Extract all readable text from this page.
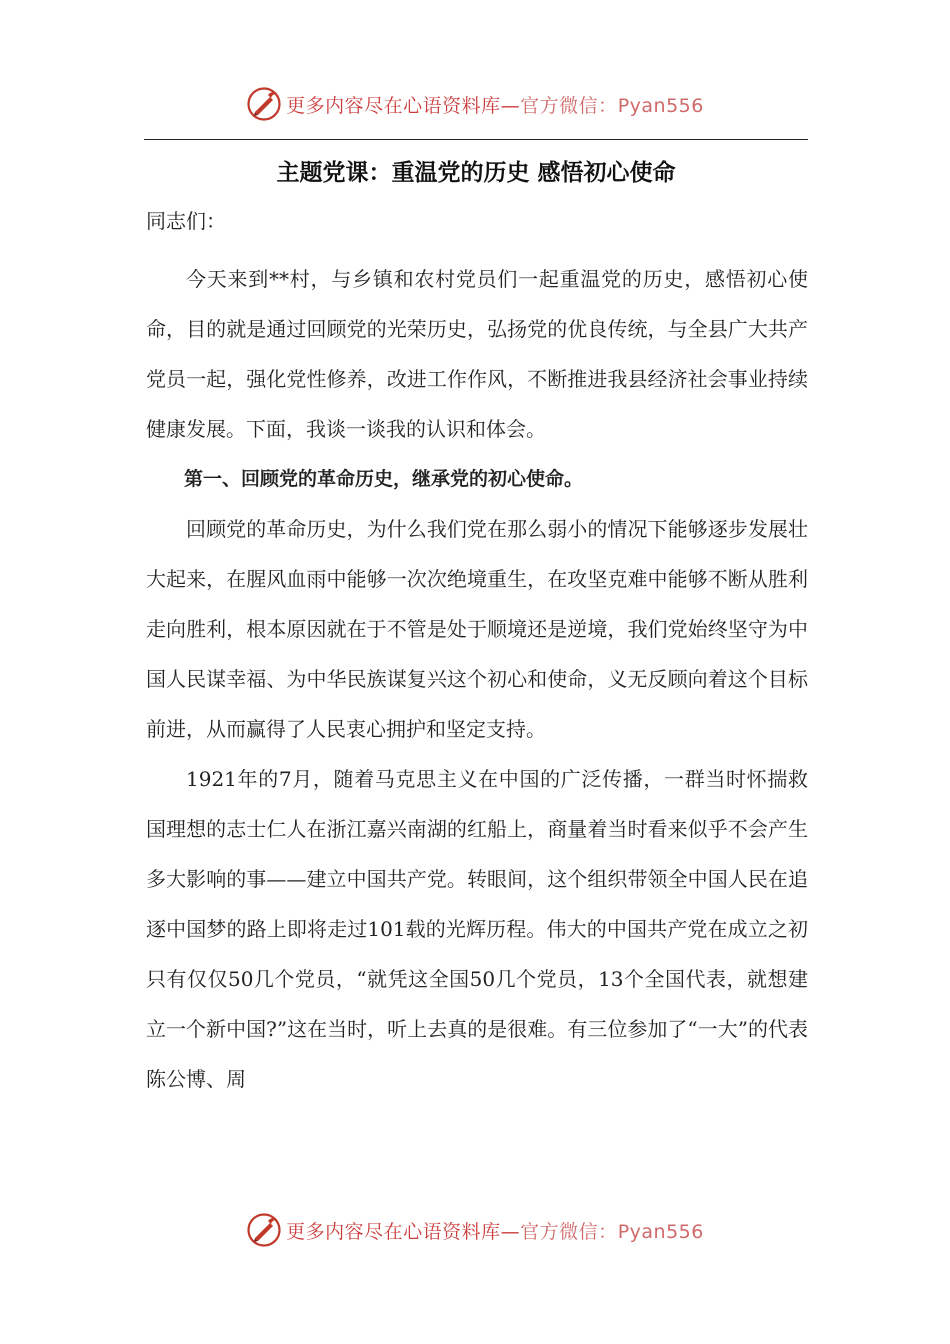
更多内容尽在心语资料库—官方微信：Pyan556
主题党课：重温党的历史 感悟初心使命
同志们：

今天来到**村，与乡镇和农村党员们一起重温党的历史，感悟初心使命，目的就是通过回顾党的光荣历史，弘扬党的优良传统，与全县广大共产党员一起，强化党性修养，改进工作作风，不断推进我县经济社会事业持续健康发展。下面，我谈一谈我的认识和体会。

第一、回顾党的革命历史，继承党的初心使命。

回顾党的革命历史，为什么我们党在那么弱小的情况下能够逐步发展壮大起来，在腥风血雨中能够一次次绝境重生，在攻坚克难中能够不断从胜利走向胜利，根本原因就在于不管是处于顺境还是逆境，我们党始终坚守为中国人民谋幸福、为中华民族谋复兴这个初心和使命，义无反顾向着这个目标前进，从而赢得了人民衷心拥护和坚定支持。

1921年的7月，随着马克思主义在中国的广泛传播，一群当时怀揣救国理想的志士仁人在浙江嘉兴南湖的红船上，商量着当时看来似乎不会产生多大影响的事——建立中国共产党。转眼间，这个组织带领全中国人民在追逐中国梦的路上即将走过101载的光辉历程。伟大的中国共产党在成立之初只有仅仅50几个党员，“就凭这全国50几个党员，13个全国代表，就想建立一个新中国?”这在当时，听上去真的是很难。有三位参加了“一大”的代表陈公博、周

更多内容尽在心语资料库—官方微信：Pyan556
